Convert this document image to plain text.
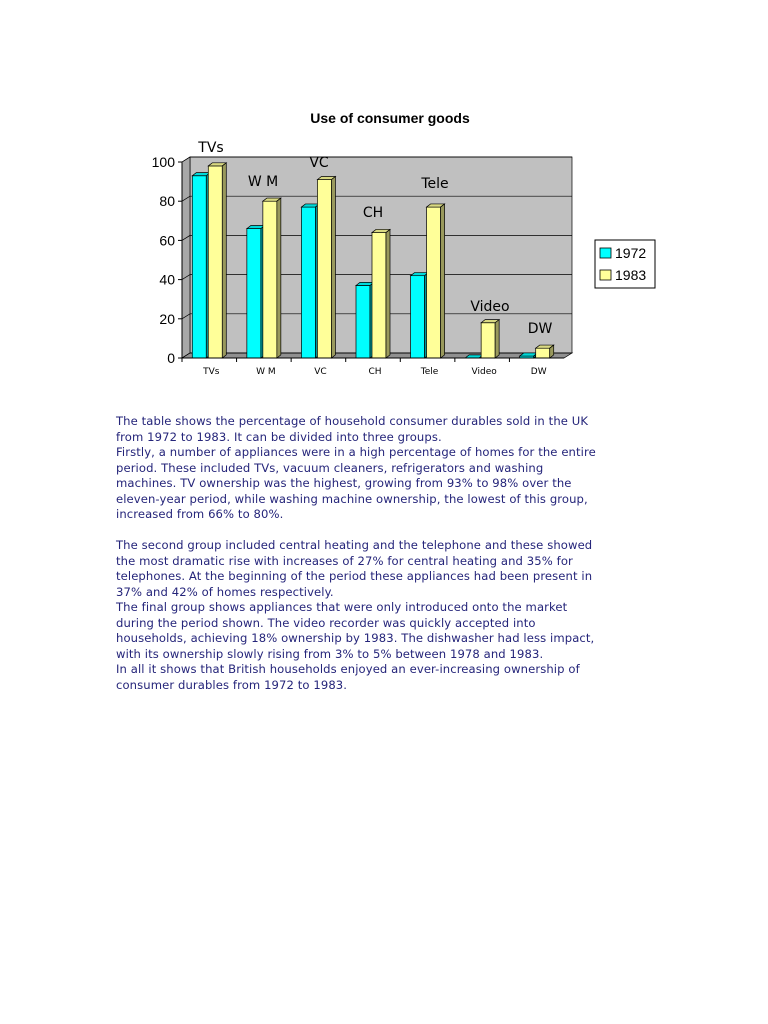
Use of consumer goods
0
20
40
60
80
100
TVs	W M	VC	CH	Tele	Video	DW
TVs
W M
VC
CH
Tele
Video
DW
1972
1983

The table shows the percentage of household consumer durables sold in the UK

from 1972 to 1983. It can be divided into three groups.

Firstly, a number of appliances were in a high percentage of homes for the entire

period. These included TVs, vacuum cleaners, refrigerators and washing

machines. TV ownership was the highest, growing from 93% to 98% over the

eleven-year period, while washing machine ownership, the lowest of this group,

increased from 66% to 80%.

The second group included central heating and the telephone and these showed

the most dramatic rise with increases of 27% for central heating and 35% for

telephones. At the beginning of the period these appliances had been present in

37% and 42% of homes respectively.

The final group shows appliances that were only introduced onto the market

during the period shown. The video recorder was quickly accepted into

households, achieving 18% ownership by 1983. The dishwasher had less impact,

with its ownership slowly rising from 3% to 5% between 1978 and 1983.

In all it shows that British households enjoyed an ever-increasing ownership of

consumer durables from 1972 to 1983.
